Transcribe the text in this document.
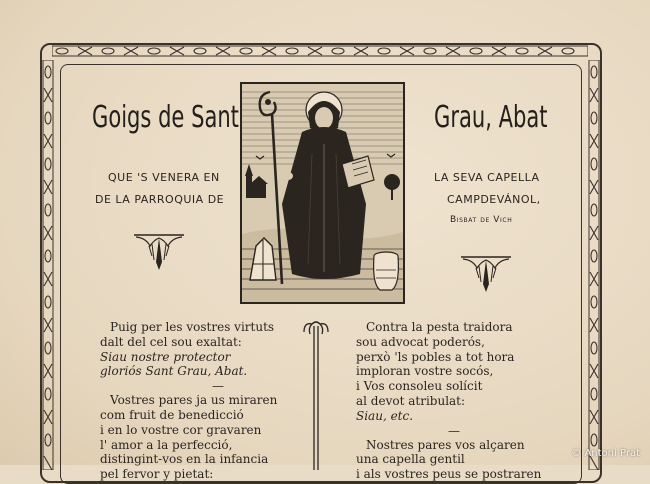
Goigs de Sant	Grau, Abat
QUE 'S VENERA EN
DE LA PARROQUIA DE
LA SEVA CAPELLA
CAMPDEVÁNOL,
Bisbat de Vich
Puig per les vostres virtuts
dalt del cel sou exaltat:
Siau nostre protector
gloriós Sant Grau, Abat.
—
Vostres pares ja us miraren
com fruit de benedicció
i en lo vostre cor gravaren
l' amor a la perfecció,
distingint-vos en la infancia
pel fervor y pietat:
Contra la pesta traidora
sou advocat poderós,
perxò 'ls pobles a tot hora
imploran vostre socós,
i Vos consoleu solícit
al devot atribulat:
Siau, etc.
—
Nostres pares vos alçaren
una capella gentil
i als vostres peus se postraren
© Antoni Prat
